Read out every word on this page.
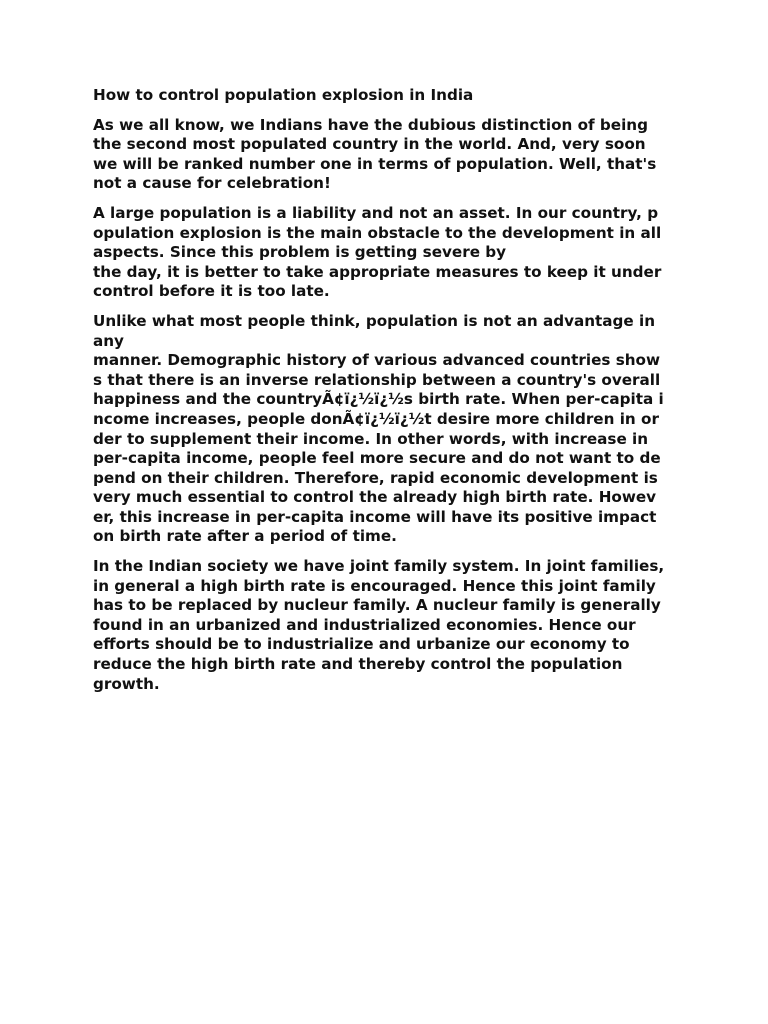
How to control population explosion in India
As we all know, we Indians have the dubious distinction of being
the second most populated country in the world. And, very soon
we will be ranked number one in terms of population. Well, that's
not a cause for celebration!
A large population is a liability and not an asset. In our country, p
opulation explosion is the main obstacle to the development in all
aspects. Since this problem is getting severe by
the day, it is better to take appropriate measures to keep it under
control before it is too late.
Unlike what most people think, population is not an advantage in
any
manner. Demographic history of various advanced countries show
s that there is an inverse relationship between a country's overall
happiness and the countryÃ¢ï¿½ï¿½s birth rate. When per-capita i
ncome increases, people donÃ¢ï¿½ï¿½t desire more children in or
der to supplement their income. In other words, with increase in
per-capita income, people feel more secure and do not want to de
pend on their children. Therefore, rapid economic development is
very much essential to control the already high birth rate. Howev
er, this increase in per-capita income will have its positive impact
on birth rate after a period of time.
In the Indian society we have joint family system. In joint families,
in general a high birth rate is encouraged. Hence this joint family
has to be replaced by nucleur family. A nucleur family is generally
found in an urbanized and industrialized economies. Hence our
efforts should be to industrialize and urbanize our economy to
reduce the high birth rate and thereby control the population
growth.
